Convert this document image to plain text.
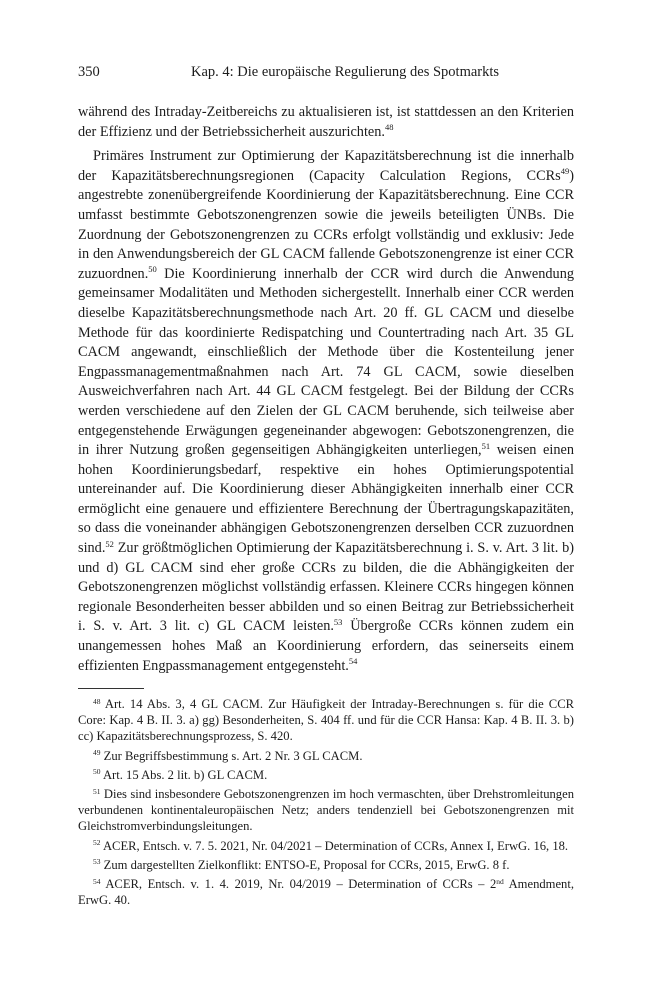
350	Kap. 4: Die europäische Regulierung des Spotmarkts

während des Intraday-Zeitbereichs zu aktualisieren ist, ist stattdessen an den Kriterien der Effizienz und der Betriebssicherheit auszurichten.$^{48}$

Primäres Instrument zur Optimierung der Kapazitätsberechnung ist die innerhalb der Kapazitätsberechnungsregionen (Capacity Calculation Regions, CCRs$^{49}$) angestrebte zonenübergreifende Koordinierung der Kapazitätsberechnung. Eine CCR umfasst bestimmte Gebotszonengrenzen sowie die jeweils beteiligten ÜNBs. Die Zuordnung der Gebotszonengrenzen zu CCRs erfolgt vollständig und exklusiv: Jede in den Anwendungsbereich der GL CACM fallende Gebotszonengrenze ist einer CCR zuzuordnen.$^{50}$ Die Koordinierung innerhalb der CCR wird durch die Anwendung gemeinsamer Modalitäten und Methoden sichergestellt. Innerhalb einer CCR werden dieselbe Kapazitätsberechnungsmethode nach Art. 20 ff. GL CACM und dieselbe Methode für das koordinierte Redispatching und Countertrading nach Art. 35 GL CACM angewandt, einschließlich der Methode über die Kostenteilung jener Engpassmanagementmaßnahmen nach Art. 74 GL CACM, sowie dieselben Ausweichverfahren nach Art. 44 GL CACM festgelegt. Bei der Bildung der CCRs werden verschiedene auf den Zielen der GL CACM beruhende, sich teilweise aber entgegenstehende Erwägungen gegeneinander abgewogen: Gebotszonengrenzen, die in ihrer Nutzung großen gegenseitigen Abhängigkeiten unterliegen,$^{51}$ weisen einen hohen Koordinierungsbedarf, respektive ein hohes Optimierungspotential untereinander auf. Die Koordinierung dieser Abhängigkeiten innerhalb einer CCR ermöglicht eine genauere und effizientere Berechnung der Übertragungskapazitäten, so dass die voneinander abhängigen Gebotszonengrenzen derselben CCR zuzuordnen sind.$^{52}$ Zur größtmöglichen Optimierung der Kapazitätsberechnung i. S. v. Art. 3 lit. b) und d) GL CACM sind eher große CCRs zu bilden, die die Abhängigkeiten der Gebotszonengrenzen möglichst vollständig erfassen. Kleinere CCRs hingegen können regionale Besonderheiten besser abbilden und so einen Beitrag zur Betriebssicherheit i. S. v. Art. 3 lit. c) GL CACM leisten.$^{53}$ Übergroße CCRs können zudem ein unangemessen hohes Maß an Koordinierung erfordern, das seinerseits einem effizienten Engpassmanagement entgegensteht.$^{54}$

$^{48}$ Art. 14 Abs. 3, 4 GL CACM. Zur Häufigkeit der Intraday-Berechnungen s. für die CCR Core: Kap. 4 B. II. 3. a) gg) Besonderheiten, S. 404 ff. und für die CCR Hansa: Kap. 4 B. II. 3. b) cc) Kapazitätsberechnungsprozess, S. 420.

$^{49}$ Zur Begriffsbestimmung s. Art. 2 Nr. 3 GL CACM.

$^{50}$ Art. 15 Abs. 2 lit. b) GL CACM.

$^{51}$ Dies sind insbesondere Gebotszonengrenzen im hoch vermaschten, über Drehstromleitungen verbundenen kontinentaleuropäischen Netz; anders tendenziell bei Gebotszonengrenzen mit Gleichstromverbindungsleitungen.

$^{52}$ ACER, Entsch. v. 7. 5. 2021, Nr. 04/2021 – Determination of CCRs, Annex I, ErwG. 16, 18.

$^{53}$ Zum dargestellten Zielkonflikt: ENTSO-E, Proposal for CCRs, 2015, ErwG. 8 f.

$^{54}$ ACER, Entsch. v. 1. 4. 2019, Nr. 04/2019 – Determination of CCRs – 2nd Amendment, ErwG. 40.
